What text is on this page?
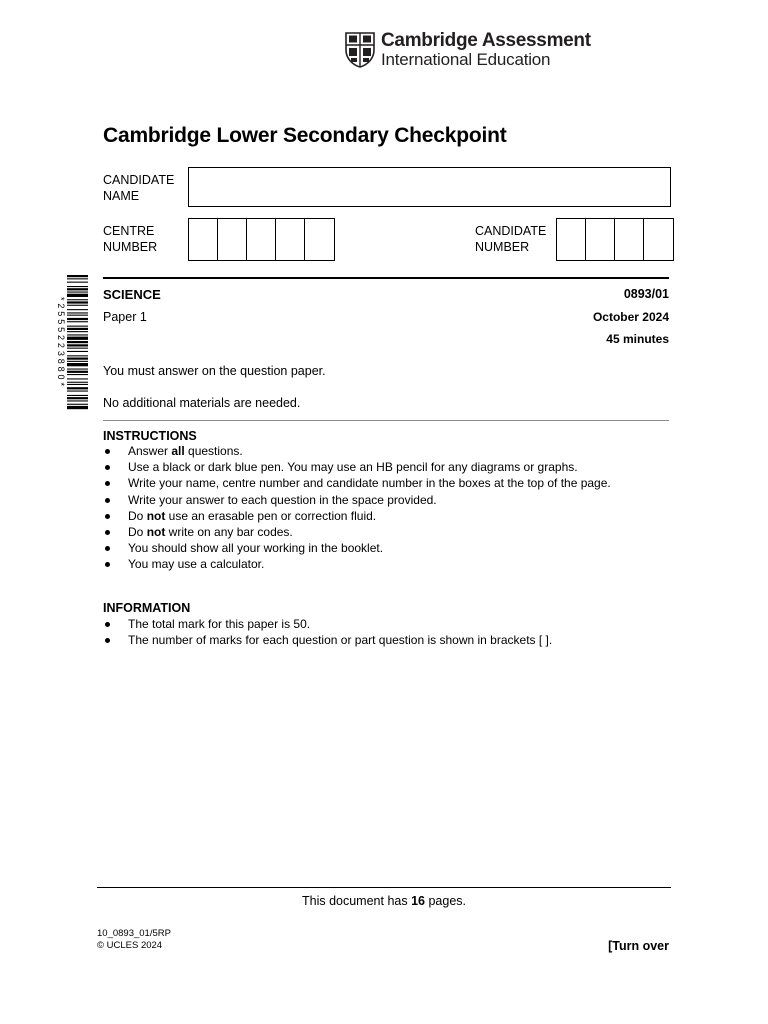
Cambridge Assessment
International Education
Cambridge Lower Secondary Checkpoint
CANDIDATE
NAME
CENTRE
NUMBER
CANDIDATE
NUMBER
*2555223880*
SCIENCE	0893/01
Paper 1	October 2024
45 minutes
You must answer on the question paper.
No additional materials are needed.
INSTRUCTIONS
Answer all questions.
Use a black or dark blue pen. You may use an HB pencil for any diagrams or graphs.
Write your name, centre number and candidate number in the boxes at the top of the page.
Write your answer to each question in the space provided.
Do not use an erasable pen or correction fluid.
Do not write on any bar codes.
You should show all your working in the booklet.
You may use a calculator.
INFORMATION
The total mark for this paper is 50.
The number of marks for each question or part question is shown in brackets [ ].
This document has 16 pages.
10_0893_01/5RP
© UCLES 2024	[Turn over
